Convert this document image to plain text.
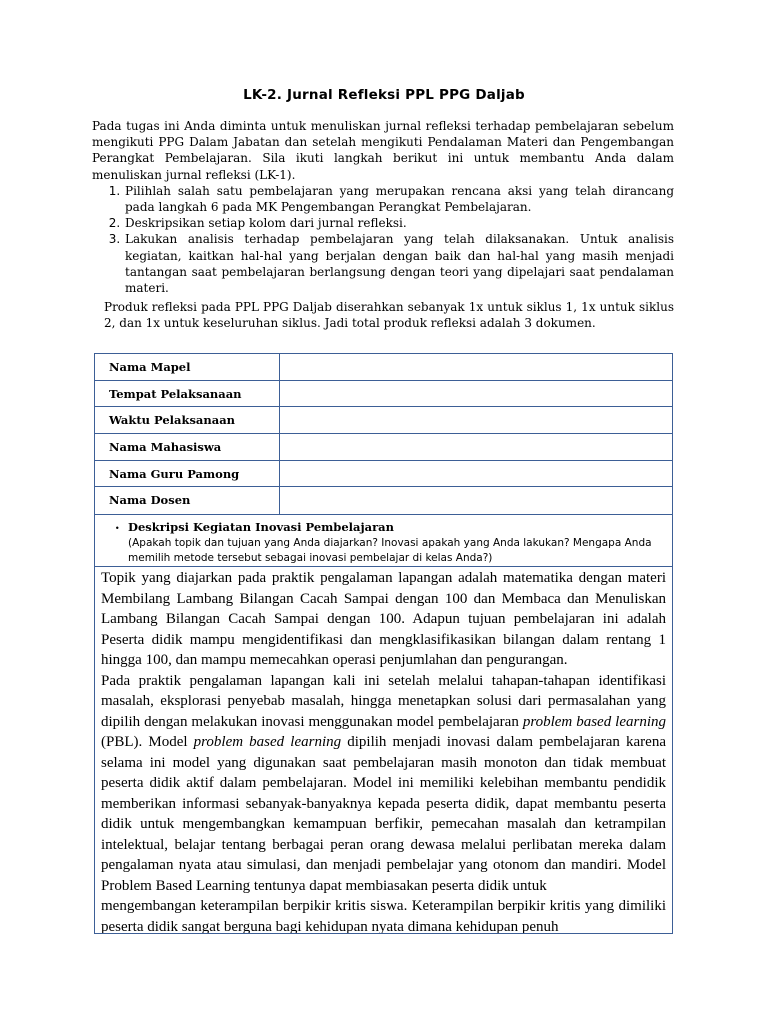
LK-2. Jurnal Refleksi PPL PPG Daljab

Pada tugas ini Anda diminta untuk menuliskan jurnal refleksi terhadap pembelajaran sebelum mengikuti PPG Dalam Jabatan dan setelah mengikuti Pendalaman Materi dan Pengembangan Perangkat Pembelajaran. Sila ikuti langkah berikut ini untuk membantu Anda dalam menuliskan jurnal refleksi (LK-1).

1. Pilihlah salah satu pembelajaran yang merupakan rencana aksi yang telah dirancang pada langkah 6 pada MK Pengembangan Perangkat Pembelajaran.
2. Deskripsikan setiap kolom dari jurnal refleksi.
3. Lakukan analisis terhadap pembelajaran yang telah dilaksanakan. Untuk analisis kegiatan, kaitkan hal-hal yang berjalan dengan baik dan hal-hal yang masih menjadi tantangan saat pembelajaran berlangsung dengan teori yang dipelajari saat pendalaman materi.

Produk refleksi pada PPL PPG Daljab diserahkan sebanyak 1x untuk siklus 1, 1x untuk siklus 2, dan 1x untuk keseluruhan siklus. Jadi total produk refleksi adalah 3 dokumen.

Nama Mapel
Tempat Pelaksanaan
Waktu Pelaksanaan
Nama Mahasiswa
Nama Guru Pamong
Nama Dosen
. Deskripsi Kegiatan Inovasi Pembelajaran
(Apakah topik dan tujuan yang Anda diajarkan? Inovasi apakah yang Anda lakukan? Mengapa Anda memilih metode tersebut sebagai inovasi pembelajar di kelas Anda?)

Topik yang diajarkan pada praktik pengalaman lapangan adalah matematika dengan materi Membilang Lambang Bilangan Cacah Sampai dengan 100 dan Membaca dan Menuliskan Lambang Bilangan Cacah Sampai dengan 100. Adapun tujuan pembelajaran ini adalah Peserta didik mampu mengidentifikasi dan mengklasifikasikan bilangan dalam rentang 1 hingga 100, dan mampu memecahkan operasi penjumlahan dan pengurangan.

Pada praktik pengalaman lapangan kali ini setelah melalui tahapan-tahapan identifikasi masalah, eksplorasi penyebab masalah, hingga menetapkan solusi dari permasalahan yang dipilih dengan melakukan inovasi menggunakan model pembelajaran problem based learning (PBL). Model problem based learning dipilih menjadi inovasi dalam pembelajaran karena selama ini model yang digunakan saat pembelajaran masih monoton dan tidak membuat peserta didik aktif dalam pembelajaran. Model ini memiliki kelebihan membantu pendidik memberikan informasi sebanyak-banyaknya kepada peserta didik, dapat membantu peserta didik untuk mengembangkan kemampuan berfikir, pemecahan masalah dan ketrampilan intelektual, belajar tentang berbagai peran orang dewasa melalui perlibatan mereka dalam pengalaman nyata atau simulasi, dan menjadi pembelajar yang otonom dan mandiri. Model Problem Based Learning tentunya dapat membiasakan peserta didik untuk

mengembangan keterampilan berpikir kritis siswa. Keterampilan berpikir kritis yang dimiliki peserta didik sangat berguna bagi kehidupan nyata dimana kehidupan penuh
